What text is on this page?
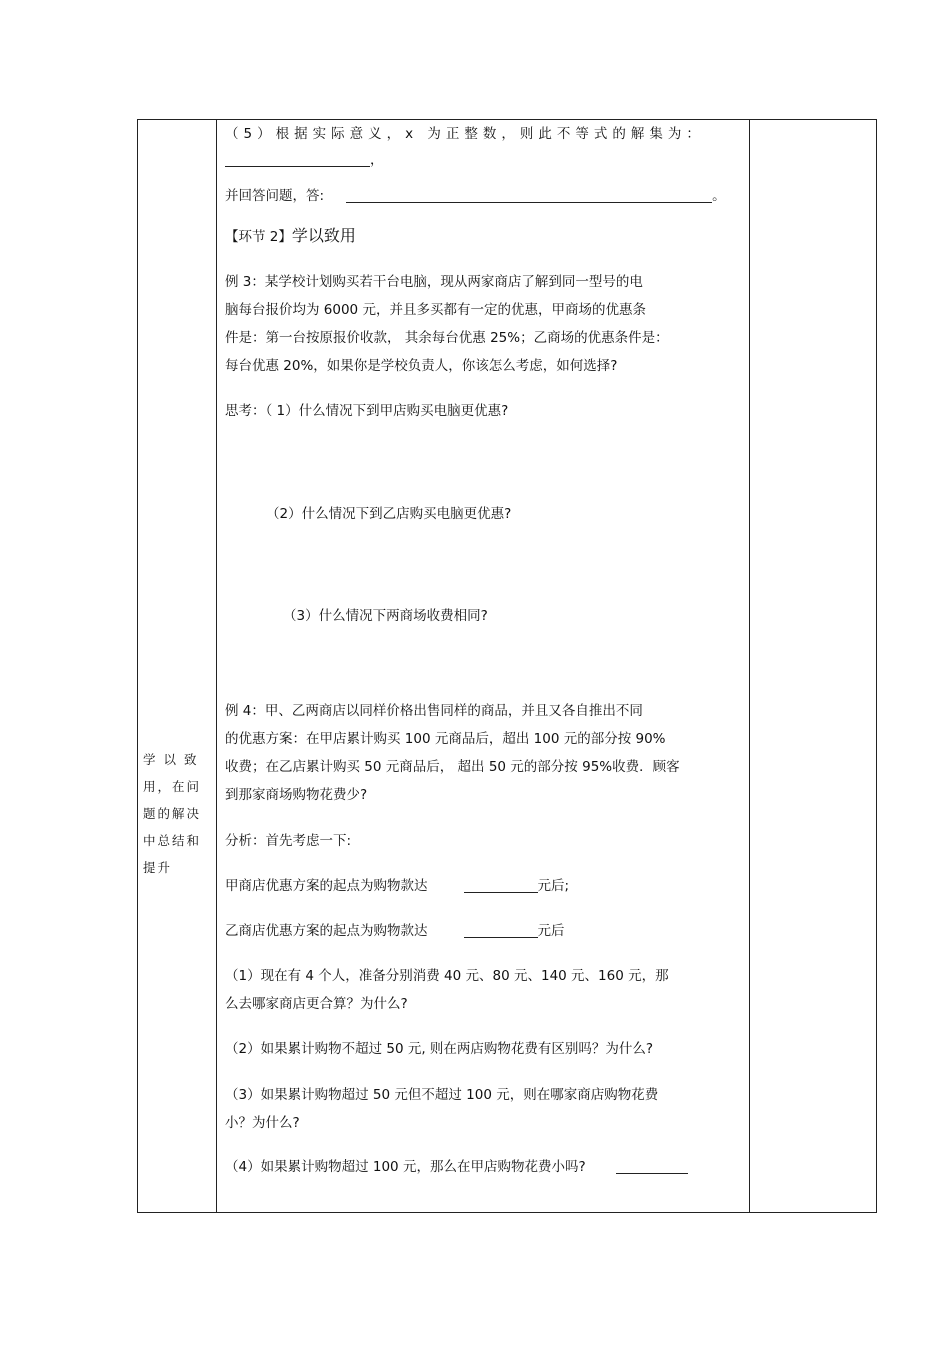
学 以 致 用，在问题的解决中总结和提升
（5）根据实际意义，x 为正整数，则此不等式的解集为：
，
并回答问题，答:	。
【环节 2】学以致用
例 3：某学校计划购买若干台电脑，现从两家商店了解到同一型号的电
脑每台报价均为 6000 元，并且多买都有一定的优惠，甲商场的优惠条
件是：第一台按原报价收款， 其余每台优惠 25%；乙商场的优惠条件是：
每台优惠 20%，如果你是学校负责人，你该怎么考虑，如何选择?
思考：（ 1）什么情况下到甲店购买电脑更优惠?
（2）什么情况下到乙店购买电脑更优惠?
（3）什么情况下两商场收费相同?
例 4：甲、乙两商店以同样价格出售同样的商品，并且又各自推出不同
的优惠方案：在甲店累计购买 100 元商品后，超出 100 元的部分按 90%
收费；在乙店累计购买 50 元商品后， 超出 50 元的部分按 95%收费．顾客
到那家商场购物花费少?
分析：首先考虑一下:
甲商店优惠方案的起点为购物款达	元后;
乙商店优惠方案的起点为购物款达	元后
（1）现在有 4 个人，准备分别消费 40 元、80 元、140 元、160 元，那
么去哪家商店更合算？为什么?
（2）如果累计购物不超过 50 元, 则在两店购物花费有区别吗？为什么?
（3）如果累计购物超过 50 元但不超过 100 元，则在哪家商店购物花费
小？为什么?
（4）如果累计购物超过 100 元，那么在甲店购物花费小吗?
